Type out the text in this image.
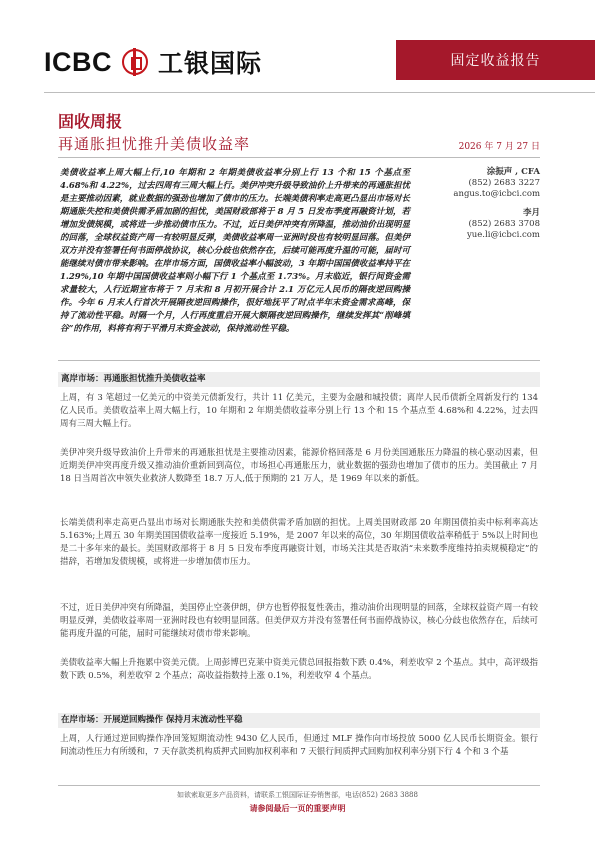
ICBC 工银国际	固定收益报告
固收周报
再通胀担忧推升美债收益率	2026 年 7 月 27 日
涂振声 , CFA
(852) 2683 3227
angus.to@icbci.com
李月
(852) 2683 3708
yue.li@icbci.com
美债收益率上周大幅上行,10 年期和 2 年期美债收益率分别上行 13 个和 15 个基点至 4.68%和 4.22%，过去四周有三周大幅上行。美伊冲突升级导致油价上升带来的再通胀担忧是主要推动因素，就业数据的强劲也增加了债市的压力。长端美债利率走高更凸显出市场对长期通胀失控和美债供需矛盾加剧的担忧，美国财政部将于 8 月 5 日发布季度再融资计划，若增加发债规模，或将进一步推动债市压力。不过，近日美伊冲突有所降温，推动油价出现明显的回落，全球权益资产周一有较明显反弹，美债收益率周一亚洲时段也有较明显回落。但美伊双方并没有签署任何书面停战协议，核心分歧也依然存在，后续可能再度升温的可能，届时可能继续对债市带来影响。在岸市场方面，国债收益率小幅波动，3 年期中国国债收益率持平在 1.29%,10 年期中国国债收益率则小幅下行 1 个基点至 1.73%。月末临近，银行间资金需求量较大，人行近期宣布将于 7 月末和 8 月初开展合计 2.1 万亿元人民币的隔夜逆回购操作。今年 6 月末人行首次开展隔夜逆回购操作，很好地抚平了时点半年末资金需求高峰，保持了流动性平稳。时隔一个月，人行再度重启开展大额隔夜逆回购操作，继续发挥其“削峰填谷”的作用，料将有利于平滑月末资金波动，保持流动性平稳。
离岸市场：再通胀担忧推升美债收益率
上周，有 3 笔超过一亿美元的中资美元债新发行，共计 11 亿美元，主要为金融和城投债；离岸人民币债新全周新发行约 134 亿人民币。美债收益率上周大幅上行，10 年期和 2 年期美债收益率分别上行 13 个和 15 个基点至 4.68%和 4.22%，过去四周有三周大幅上行。
美伊冲突升级导致油价上升带来的再通胀担忧是主要推动因素，能源价格回落是 6 月份美国通胀压力降温的核心驱动因素，但近期美伊冲突再度升级又推动油价重新回到高位，市场担心再通胀压力，就业数据的强劲也增加了债市的压力。美国截止 7 月 18 日当周首次申领失业救济人数降至 18.7 万人,低于预期的 21 万人，是 1969 年以来的新低。
长端美债利率走高更凸显出市场对长期通胀失控和美债供需矛盾加剧的担忧。上周美国财政部 20 年期国债拍卖中标利率高达 5.163%;上周五 30 年期美国国债收益率一度接近 5.19%，是 2007 年以来的高位，30 年期国债收益率稍低于 5%以上时间也是二十多年来的最长。美国财政部将于 8 月 5 日发布季度再融资计划，市场关注其是否取消“未来数季度维持拍卖规模稳定”的措辞，若增加发债规模，或将进一步增加债市压力。
不过，近日美伊冲突有所降温，美国停止空袭伊朗，伊方也暂停报复性袭击，推动油价出现明显的回落，全球权益资产周一有较明显反弹，美债收益率周一亚洲时段也有较明显回落。但美伊双方并没有签署任何书面停战协议，核心分歧也依然存在，后续可能再度升温的可能，届时可能继续对债市带来影响。
美债收益率大幅上升拖累中资美元债。上周彭博巴克莱中资美元债总回报指数下跌 0.4%，利差收窄 2 个基点。其中，高评级指数下跌 0.5%，利差收窄 2 个基点；高收益指数持上涨 0.1%，利差收窄 4 个基点。
在岸市场：开展逆回购操作 保持月末流动性平稳
上周，人行通过逆回购操作净回笼短期流动性 9430 亿人民币，但通过 MLF 操作向市场投放 5000 亿人民币长期资金。银行间流动性压力有所缓和，7 天存款类机构质押式回购加权利率和 7 天银行间质押式回购加权利率分别下行 4 个和 3 个基
如欲索取更多产品资料，请联系工银国际证券销售部，电话(852) 2683 3888
请参阅最后一页的重要声明
